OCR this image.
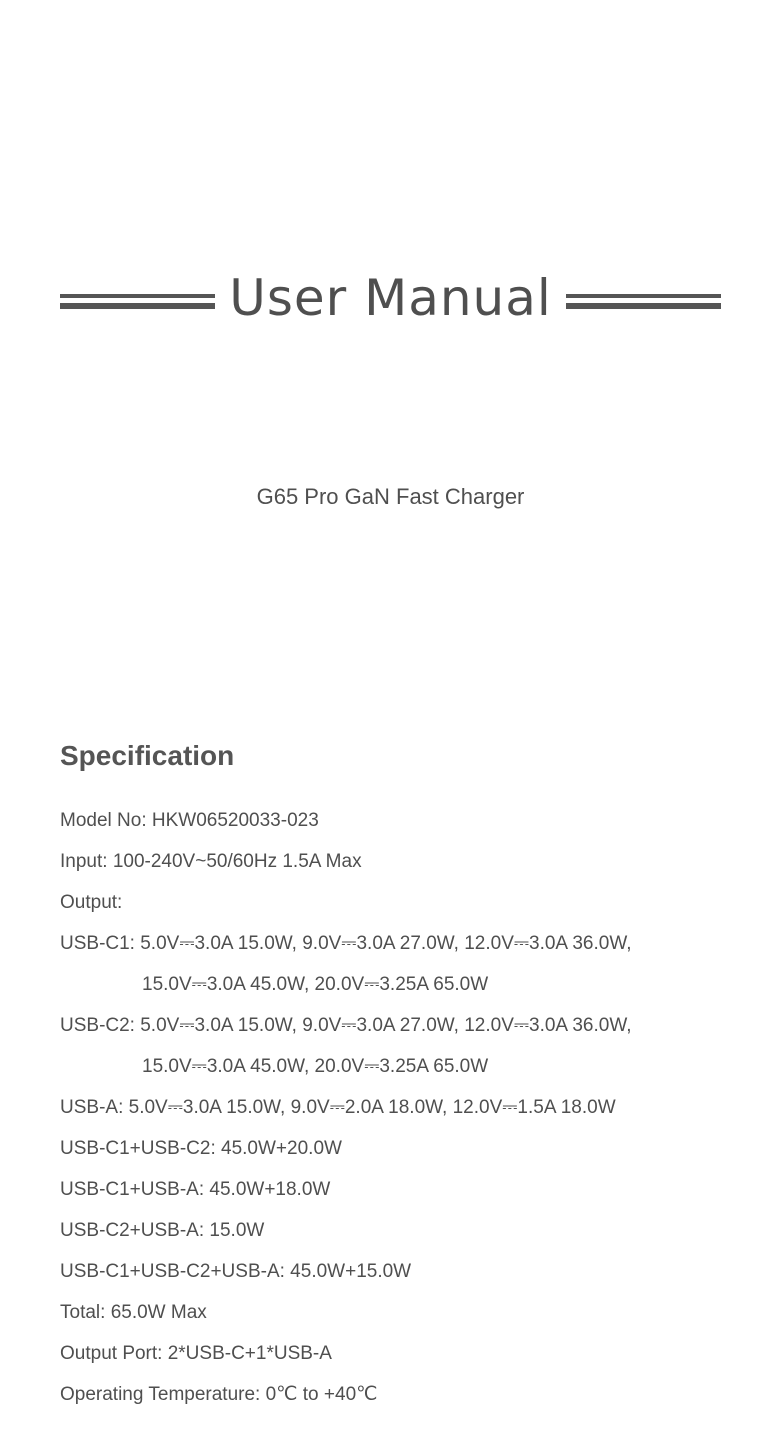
User Manual
G65 Pro GaN Fast Charger
Specification
Model No: HKW06520033-023
Input: 100-240V~50/60Hz 1.5A Max
Output:
USB-C1: 5.0V⎓3.0A 15.0W, 9.0V⎓3.0A 27.0W, 12.0V⎓3.0A 36.0W,
15.0V⎓3.0A 45.0W, 20.0V⎓3.25A 65.0W
USB-C2: 5.0V⎓3.0A 15.0W, 9.0V⎓3.0A 27.0W, 12.0V⎓3.0A 36.0W,
15.0V⎓3.0A 45.0W, 20.0V⎓3.25A 65.0W
USB-A: 5.0V⎓3.0A 15.0W, 9.0V⎓2.0A 18.0W, 12.0V⎓1.5A 18.0W
USB-C1+USB-C2: 45.0W+20.0W
USB-C1+USB-A: 45.0W+18.0W
USB-C2+USB-A: 15.0W
USB-C1+USB-C2+USB-A: 45.0W+15.0W
Total: 65.0W Max
Output Port: 2*USB-C+1*USB-A
Operating Temperature: 0℃ to +40℃
